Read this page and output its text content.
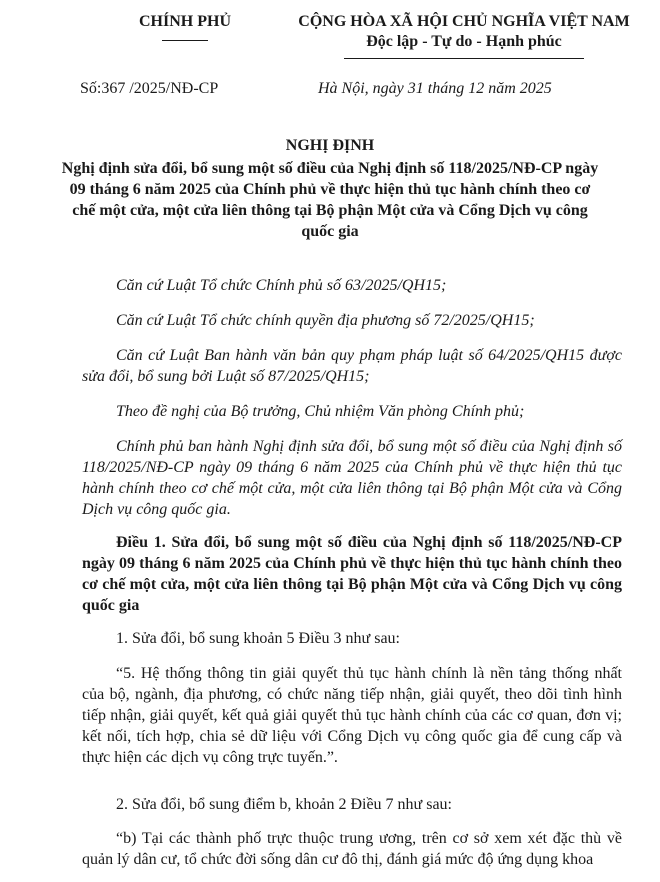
CHÍNH PHỦ	CỘNG HÒA XÃ HỘI CHỦ NGHĨA VIỆT NAM
Độc lập - Tự do - Hạnh phúc
Số:367 /2025/NĐ-CP	Hà Nội, ngày 31 tháng 12 năm 2025
NGHỊ ĐỊNH
Nghị định sửa đổi, bổ sung một số điều của Nghị định số 118/2025/NĐ-CP ngày 09 tháng 6 năm 2025 của Chính phủ về thực hiện thủ tục hành chính theo cơ chế một cửa, một cửa liên thông tại Bộ phận Một cửa và Cổng Dịch vụ công quốc gia
Căn cứ Luật Tổ chức Chính phủ số 63/2025/QH15;
Căn cứ Luật Tổ chức chính quyền địa phương số 72/2025/QH15;
Căn cứ Luật Ban hành văn bản quy phạm pháp luật số 64/2025/QH15 được sửa đổi, bổ sung bởi Luật số 87/2025/QH15;
Theo đề nghị của Bộ trưởng, Chủ nhiệm Văn phòng Chính phủ;
Chính phủ ban hành Nghị định sửa đổi, bổ sung một số điều của Nghị định số 118/2025/NĐ-CP ngày 09 tháng 6 năm 2025 của Chính phủ về thực hiện thủ tục hành chính theo cơ chế một cửa, một cửa liên thông tại Bộ phận Một cửa và Cổng Dịch vụ công quốc gia.
Điều 1. Sửa đổi, bổ sung một số điều của Nghị định số 118/2025/NĐ-CP ngày 09 tháng 6 năm 2025 của Chính phủ về thực hiện thủ tục hành chính theo cơ chế một cửa, một cửa liên thông tại Bộ phận Một cửa và Cổng Dịch vụ công quốc gia
1. Sửa đổi, bổ sung khoản 5 Điều 3 như sau:
“5. Hệ thống thông tin giải quyết thủ tục hành chính là nền tảng thống nhất của bộ, ngành, địa phương, có chức năng tiếp nhận, giải quyết, theo dõi tình hình tiếp nhận, giải quyết, kết quả giải quyết thủ tục hành chính của các cơ quan, đơn vị; kết nối, tích hợp, chia sẻ dữ liệu với Cổng Dịch vụ công quốc gia để cung cấp và thực hiện các dịch vụ công trực tuyến.”.
2. Sửa đổi, bổ sung điểm b, khoản 2 Điều 7 như sau:
“b) Tại các thành phố trực thuộc trung ương, trên cơ sở xem xét đặc thù về quản lý dân cư, tổ chức đời sống dân cư đô thị, đánh giá mức độ ứng dụng khoa
